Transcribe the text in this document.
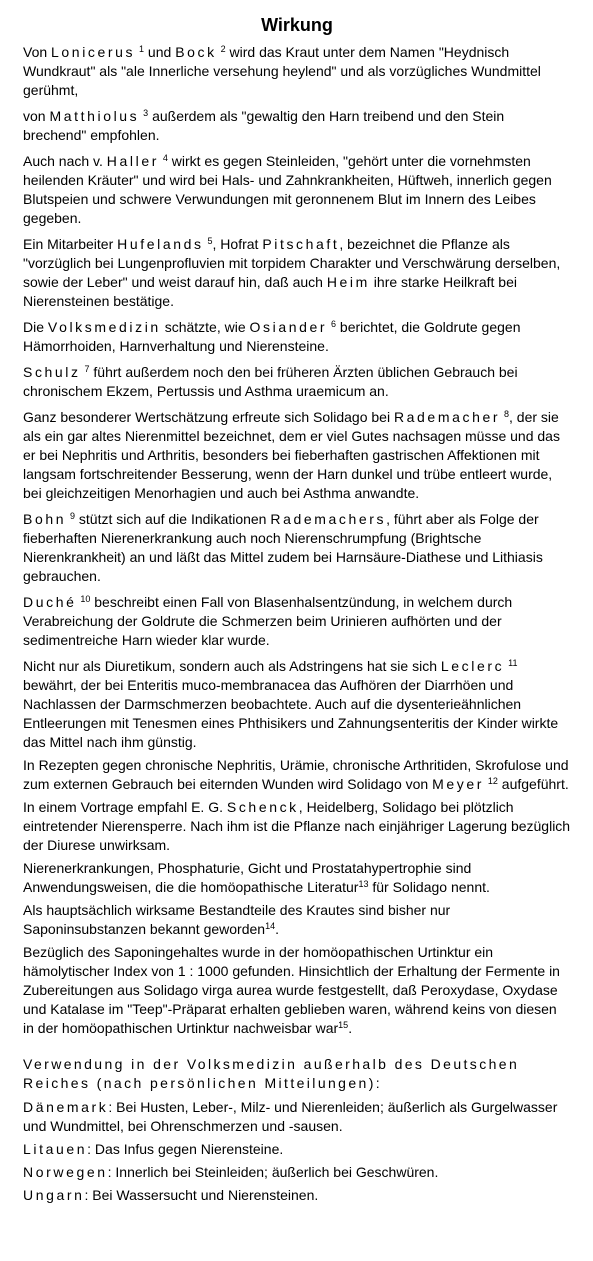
Wirkung
Von Lonicerus $^1$ und Bock $^2$ wird das Kraut unter dem Namen "Heydnisch Wundkraut" als "ale Innerliche versehung heylend" und als vorzügliches Wundmittel gerühmt,
von Matthiolus $^3$ außerdem als "gewaltig den Harn treibend und den Stein brechend" empfohlen.
Auch nach v. Haller $^4$ wirkt es gegen Steinleiden, "gehört unter die vornehmsten heilenden Kräuter" und wird bei Hals- und Zahnkrankheiten, Hüftweh, innerlich gegen Blutspeien und schwere Verwundungen mit geronnenem Blut im Innern des Leibes gegeben.
Ein Mitarbeiter Hufelands $^5$, Hofrat Pitschaft, bezeichnet die Pflanze als "vorzüglich bei Lungenprofluvien mit torpidem Charakter und Verschwärung derselben, sowie der Leber" und weist darauf hin, daß auch Heim ihre starke Heilkraft bei Nierensteinen bestätige.
Die Volksmedizin schätzte, wie Osiander $^6$ berichtet, die Goldrute gegen Hämorrhoiden, Harnverhaltung und Nierensteine.
Schulz $^7$ führt außerdem noch den bei früheren Ärzten üblichen Gebrauch bei chronischem Ekzem, Pertussis und Asthma uraemicum an.
Ganz besonderer Wertschätzung erfreute sich Solidago bei Rademacher $^8$, der sie als ein gar altes Nierenmittel bezeichnet, dem er viel Gutes nachsagen müsse und das er bei Nephritis und Arthritis, besonders bei fieberhaften gastrischen Affektionen mit langsam fortschreitender Besserung, wenn der Harn dunkel und trübe entleert wurde, bei gleichzeitigen Menorhagien und auch bei Asthma anwandte.
Bohn $^9$ stützt sich auf die Indikationen Rademachers, führt aber als Folge der fieberhaften Nierenerkrankung auch noch Nierenschrumpfung (Brightsche Nierenkrankheit) an und läßt das Mittel zudem bei Harnsäure-Diathese und Lithiasis gebrauchen.
Duché $^{10}$ beschreibt einen Fall von Blasenhalsentzündung, in welchem durch Verabreichung der Goldrute die Schmerzen beim Urinieren aufhörten und der sedimentreiche Harn wieder klar wurde.
Nicht nur als Diuretikum, sondern auch als Adstringens hat sie sich Leclerc $^{11}$ bewährt, der bei Enteritis muco-membranacea das Aufhören der Diarrhöen und Nachlassen der Darmschmerzen beobachtete. Auch auf die dysenterieähnlichen Entleerungen mit Tenesmen eines Phthisikers und Zahnungsenteritis der Kinder wirkte das Mittel nach ihm günstig.
In Rezepten gegen chronische Nephritis, Urämie, chronische Arthritiden, Skrofulose und zum externen Gebrauch bei eiternden Wunden wird Solidago von Meyer $^{12}$ aufgeführt.
In einem Vortrage empfahl E. G. Schenck, Heidelberg, Solidago bei plötzlich eintretender Nierensperre. Nach ihm ist die Pflanze nach einjähriger Lagerung bezüglich der Diurese unwirksam.
Nierenerkrankungen, Phosphaturie, Gicht und Prostatahypertrophie sind Anwendungsweisen, die die homöopathische Literatur$^{13}$ für Solidago nennt.
Als hauptsächlich wirksame Bestandteile des Krautes sind bisher nur Saponinsubstanzen bekannt geworden$^{14}$.
Bezüglich des Saponingehaltes wurde in der homöopathischen Urtinktur ein hämolytischer Index von 1 : 1000 gefunden. Hinsichtlich der Erhaltung der Fermente in Zubereitungen aus Solidago virga aurea wurde festgestellt, daß Peroxydase, Oxydase und Katalase im "Teep"-Präparat erhalten geblieben waren, während keins von diesen in der homöopathischen Urtinktur nachweisbar war$^{15}$.
Verwendung in der Volksmedizin außerhalb des Deutschen Reiches (nach persönlichen Mitteilungen):
Dänemark: Bei Husten, Leber-, Milz- und Nierenleiden; äußerlich als Gurgelwasser und Wundmittel, bei Ohrenschmerzen und -sausen.
Litauen: Das Infus gegen Nierensteine.
Norwegen: Innerlich bei Steinleiden; äußerlich bei Geschwüren.
Ungarn: Bei Wassersucht und Nierensteinen.
